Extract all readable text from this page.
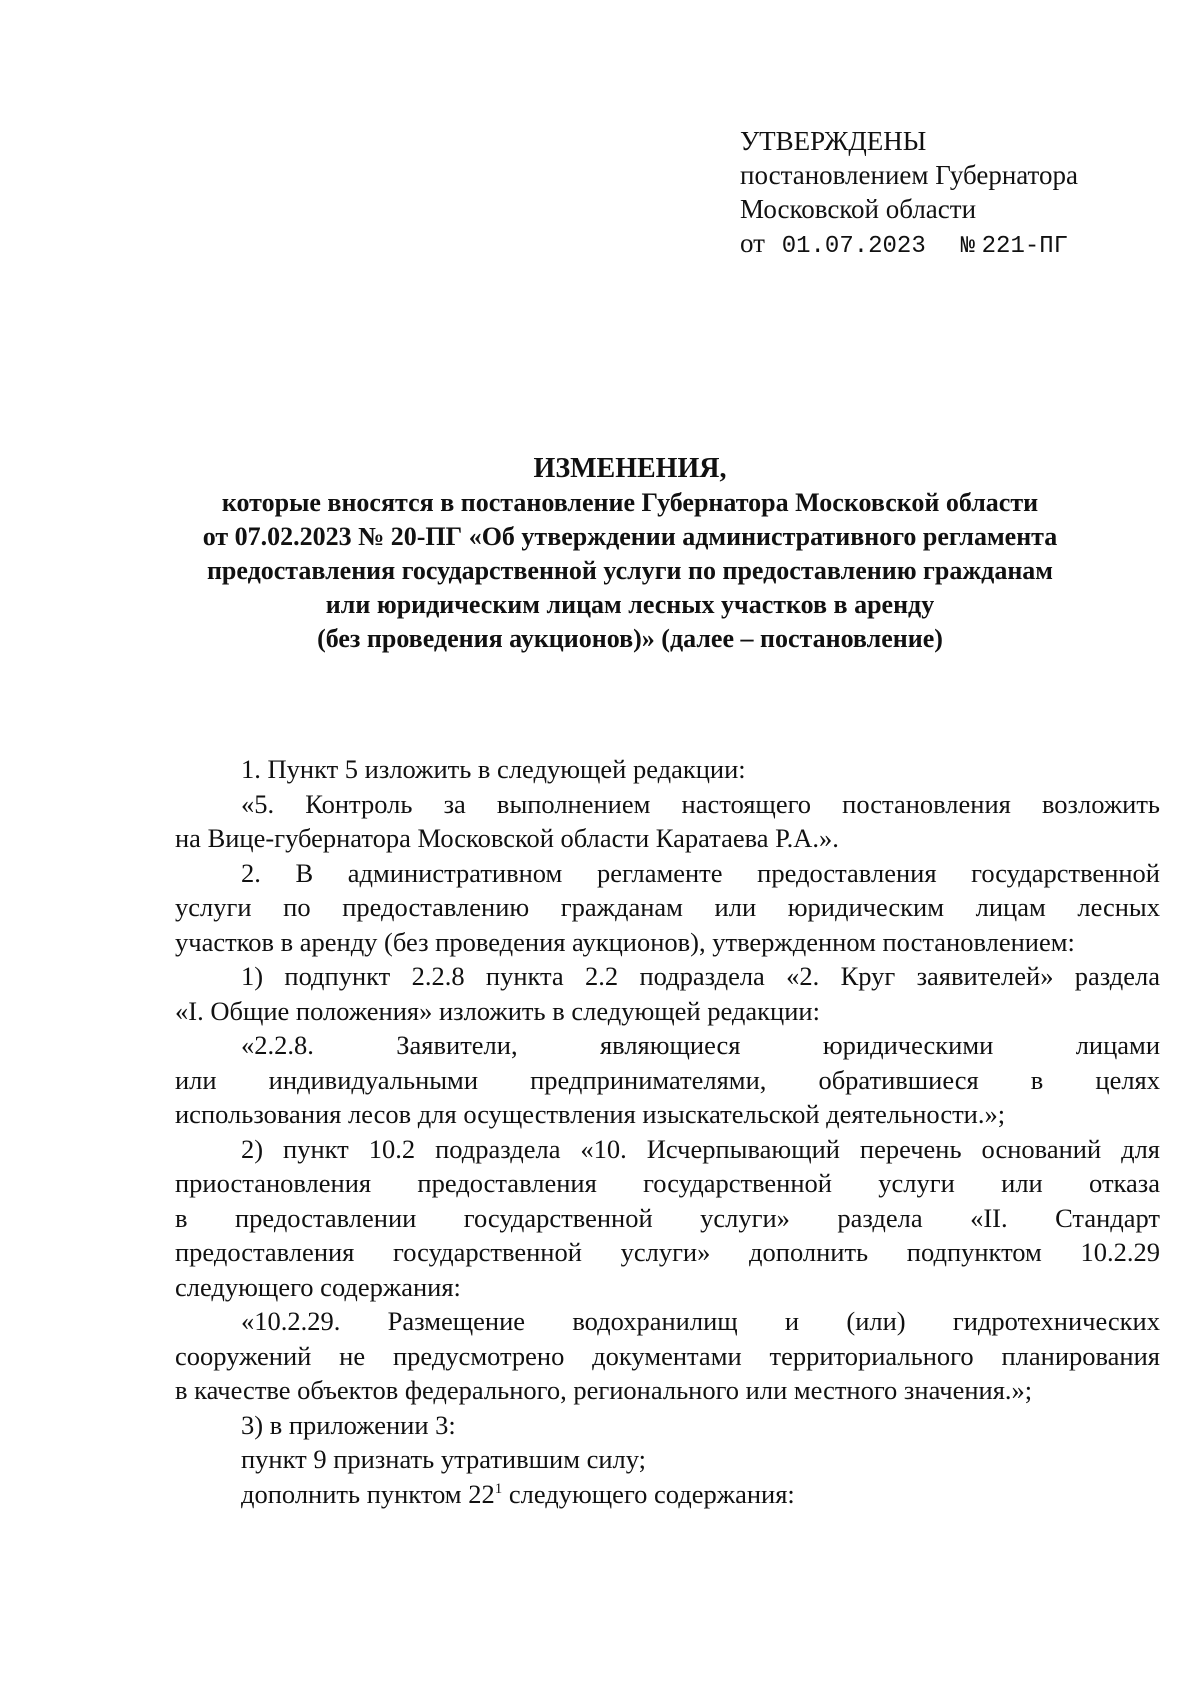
УТВЕРЖДЕНЫ
постановлением Губернатора
Московской области
от 01.07.2023 № 221-ПГ
ИЗМЕНЕНИЯ,
которые вносятся в постановление Губернатора Московской области
от 07.02.2023 № 20-ПГ «Об утверждении административного регламента
предоставления государственной услуги по предоставлению гражданам
или юридическим лицам лесных участков в аренду
(без проведения аукционов)» (далее – постановление)

1. Пункт 5 изложить в следующей редакции:

«5. Контроль за выполнением настоящего постановления возложить
на Вице-губернатора Московской области Каратаева Р.А.».
2. В административном регламенте предоставления государственной
услуги по предоставлению гражданам или юридическим лицам лесных
участков в аренду (без проведения аукционов), утвержденном постановлением:
1) подпункт 2.2.8 пункта 2.2 подраздела «2. Круг заявителей» раздела
«I. Общие положения» изложить в следующей редакции:
«2.2.8. Заявители, являющиеся юридическими лицами
или индивидуальными предпринимателями, обратившиеся в целях
использования лесов для осуществления изыскательской деятельности.»;
2) пункт 10.2 подраздела «10. Исчерпывающий перечень оснований для
приостановления предоставления государственной услуги или отказа
в предоставлении государственной услуги» раздела «II. Стандарт
предоставления государственной услуги» дополнить подпунктом 10.2.29
следующего содержания:
«10.2.29. Размещение водохранилищ и (или) гидротехнических
сооружений не предусмотрено документами территориального планирования
в качестве объектов федерального, регионального или местного значения.»;

3) в приложении 3:

пункт 9 признать утратившим силу;

дополнить пунктом $22^1$ следующего содержания:
